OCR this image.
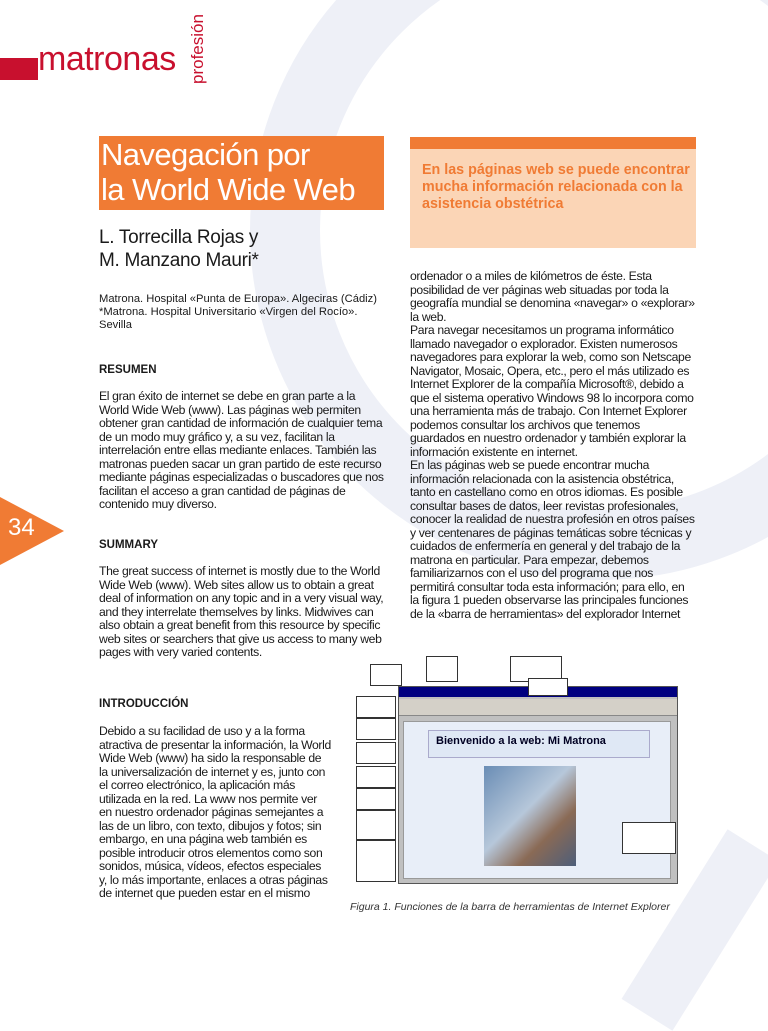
matronas profesión
34
Navegación por
la World Wide Web
L. Torrecilla Rojas y
M. Manzano Mauri*
Matrona. Hospital «Punta de Europa». Algeciras (Cádiz)
*Matrona. Hospital Universitario «Virgen del Rocío».
Sevilla
RESUMEN
El gran éxito de internet se debe en gran parte a la World Wide Web (www). Las páginas web permiten obtener gran cantidad de información de cualquier tema de un modo muy gráfico y, a su vez, facilitan la interrelación entre ellas mediante enlaces. También las matronas pueden sacar un gran partido de este recurso mediante páginas especializadas o buscadores que nos facilitan el acceso a gran cantidad de páginas de contenido muy diverso.
SUMMARY
The great success of internet is mostly due to the World Wide Web (www). Web sites allow us to obtain a great deal of information on any topic and in a very visual way, and they interrelate themselves by links. Midwives can also obtain a great benefit from this resource by specific web sites or searchers that give us access to many web pages with very varied contents.
INTRODUCCIÓN
Debido a su facilidad de uso y a la forma atractiva de presentar la información, la World Wide Web (www) ha sido la responsable de la universalización de internet y es, junto con el correo electrónico, la aplicación más utilizada en la red. La www nos permite ver en nuestro ordenador páginas semejantes a las de un libro, con texto, dibujos y fotos; sin embargo, en una página web también es posible introducir otros elementos como son sonidos, música, vídeos, efectos especiales y, lo más importante, enlaces a otras páginas de internet que pueden estar en el mismo
En las páginas web se puede encontrar mucha información relacionada con la asistencia obstétrica
ordenador o a miles de kilómetros de éste. Esta posibilidad de ver páginas web situadas por toda la geografía mundial se denomina «navegar» o «explorar» la web.
Para navegar necesitamos un programa informático llamado navegador o explorador. Existen numerosos navegadores para explorar la web, como son Netscape Navigator, Mosaic, Opera, etc., pero el más utilizado es Internet Explorer de la compañía Microsoft®, debido a que el sistema operativo Windows 98 lo incorpora como una herramienta más de trabajo. Con Internet Explorer podemos consultar los archivos que tenemos guardados en nuestro ordenador y también explorar la información existente en internet.
En las páginas web se puede encontrar mucha información relacionada con la asistencia obstétrica, tanto en castellano como en otros idiomas. Es posible consultar bases de datos, leer revistas profesionales, conocer la realidad de nuestra profesión en otros países y ver centenares de páginas temáticas sobre técnicas y cuidados de enfermería en general y del trabajo de la matrona en particular. Para empezar, debemos familiarizarnos con el uso del programa que nos permitirá consultar toda esta información; para ello, en la figura 1 pueden observarse las principales funciones de la «barra de herramientas» del explorador Internet
Bienvenido a la web: Mi Matrona
Figura 1. Funciones de la barra de herramientas de Internet Explorer
